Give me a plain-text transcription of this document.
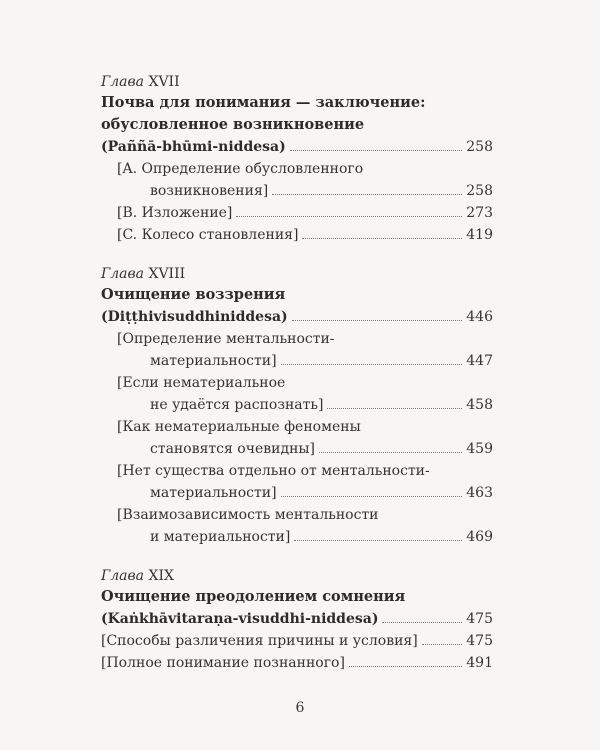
Глава XVII
Почва для понимания — заключение:
обусловленное возникновение
(Paññā-bhūmi-niddesa)	258
[A. Определение обусловленного
возникновения]	258
[B. Изложение]	273
[C. Колесо становления]	419
Глава XVIII
Очищение воззрения
(Diṭṭhivisuddhiniddesa)	446
[Определение ментальности-
материальности]	447
[Если нематериальное
не удаётся распознать]	458
[Как нематериальные феномены
становятся очевидны]	459
[Нет существа отдельно от ментальности-
материальности]	463
[Взаимозависимость ментальности
и материальности]	469
Глава XIX
Очищение преодолением сомнения
(Kaṅkhāvitaraṇa-visuddhi-niddesa)	475
[Способы различения причины и условия]	475
[Полное понимание познанного]	491
6
